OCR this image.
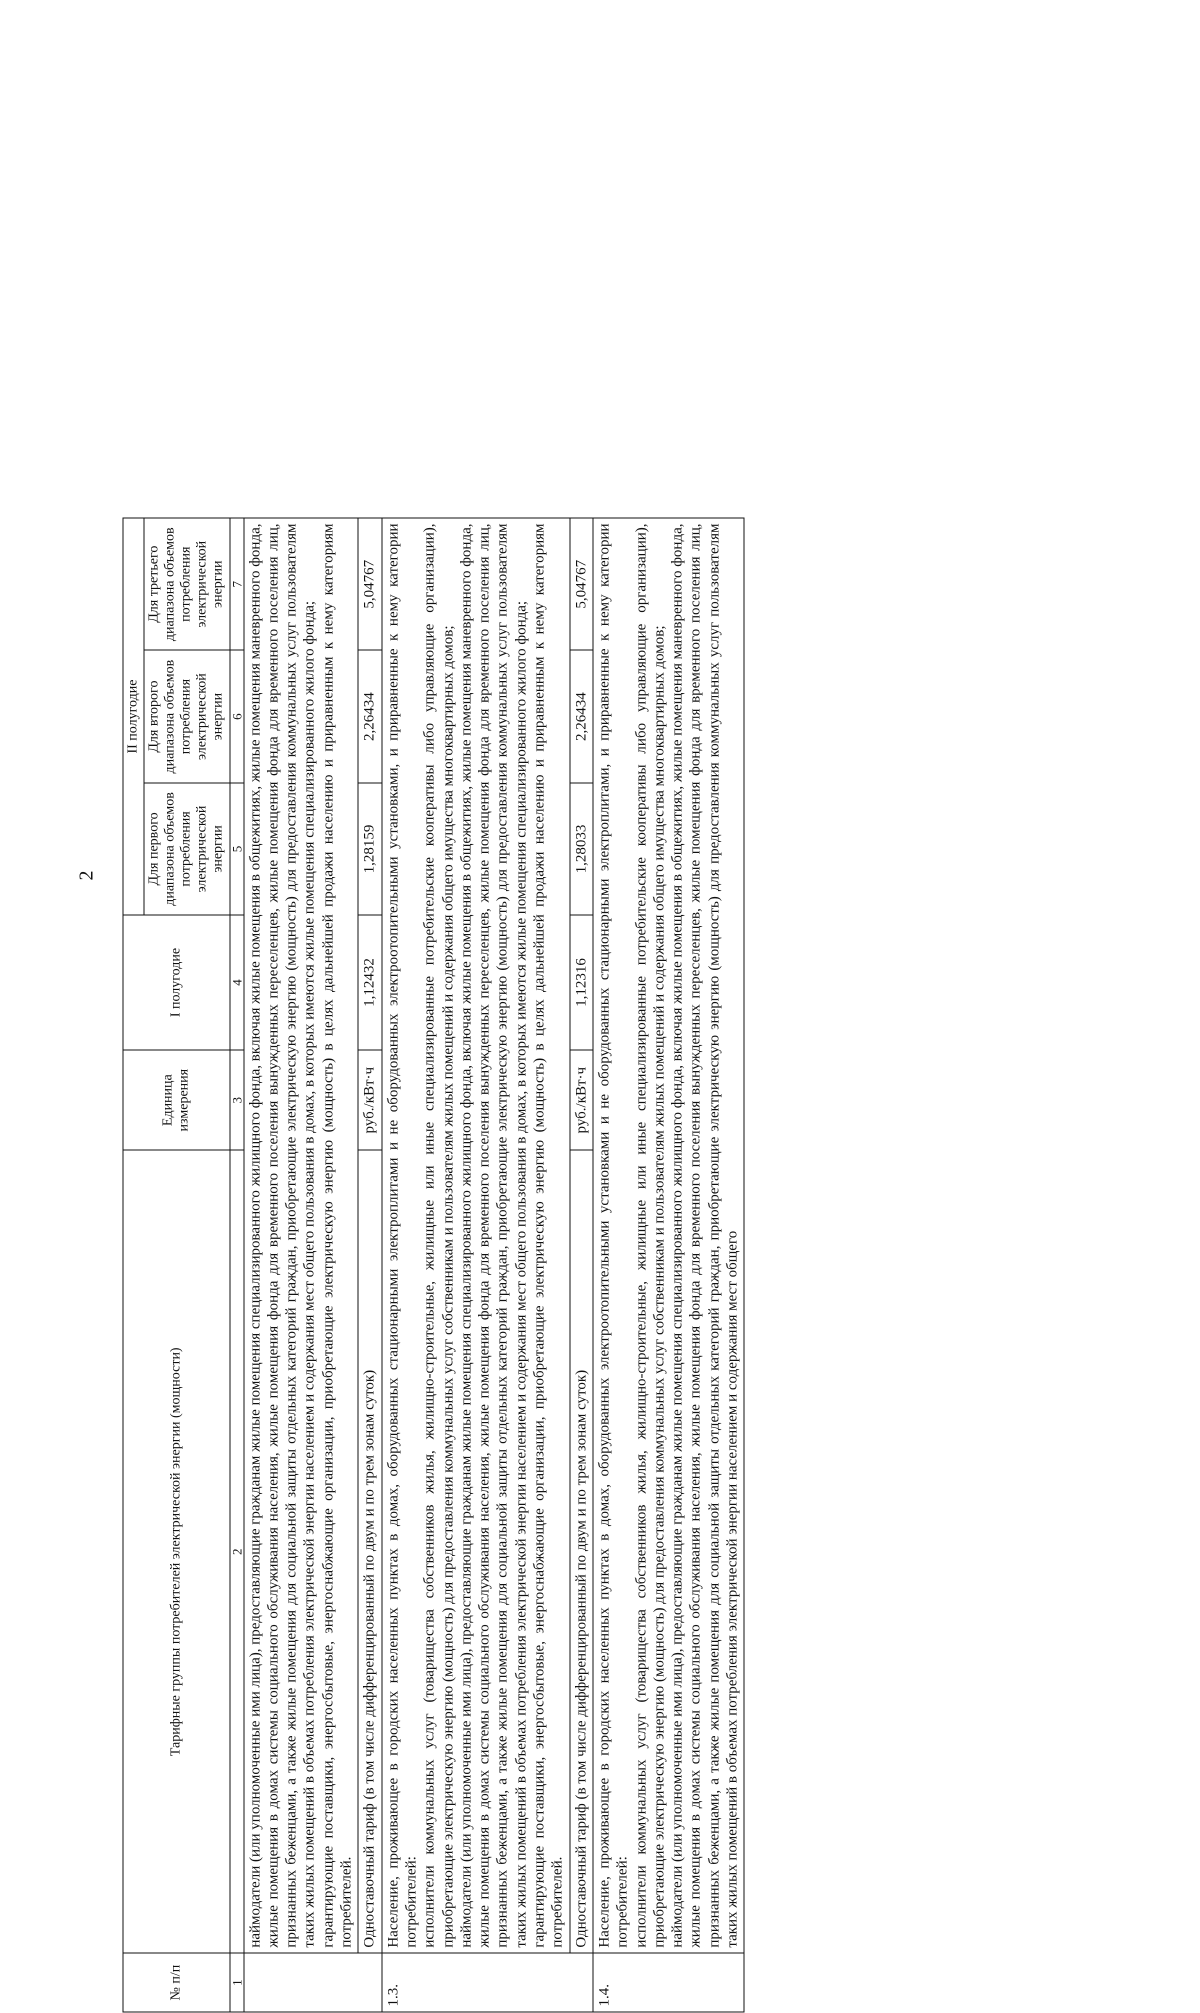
2
№ п/п	Тарифные группы потребителей электрической энергии (мощности)	Единица измерения	I полугодие	II полугодие		
				Для первого диапазона объемов потребления электрической энергии	Для второго диапазона объемов потребления электрической энергии	Для третьего диапазона объемов потребления электрической энергии
1	2	3	4	5	6	7
	наймодатели (или уполномоченные ими лица), предоставляющие гражданам жилые помещения специализированного жилищного фонда, включая жилые помещения в общежитиях, жилые помещения маневренного фонда, жилые помещения в домах системы социального обслуживания населения, жилые помещения фонда для временного поселения вынужденных переселенцев, жилые помещения фонда для временного поселения лиц, признанных беженцами, а также жилые помещения для социальной защиты отдельных категорий граждан, приобретающие электрическую энергию (мощность) для предоставления коммунальных услуг пользователям таких жилых помещений в объемах потребления электрической энергии населением и содержания мест общего пользования в домах, в которых имеются жилые помещения специализированного жилого фонда; гарантирующие поставщики, энергосбытовые, энергоснабжающие организации, приобретающие электрическую энергию (мощность) в целях дальнейшей продажи населению и приравненным к нему категориям потребителей.					
	Одноставочный тариф (в том числе дифференцированный по двум и по трем зонам суток)	руб./кВт·ч	1,12432	1,28159	2,26434	5,04767
1.3.	Население, проживающее в городских населенных пунктах в домах, оборудованных стационарными электроплитами и не оборудованных электроотопительными установками, и приравненные к нему категории потребителей: исполнители коммунальных услуг (товарищества собственников жилья, жилищно-строительные, жилищные или иные специализированные потребительские кооперативы либо управляющие организации), приобретающие электрическую энергию (мощность) для предоставления коммунальных услуг собственникам и пользователям жилых помещений и содержания общего имущества многоквартирных домов; наймодатели (или уполномоченные ими лица), предоставляющие гражданам жилые помещения специализированного жилищного фонда, включая жилые помещения в общежитиях, жилые помещения маневренного фонда, жилые помещения в домах системы социального обслуживания населения, жилые помещения фонда для временного поселения вынужденных переселенцев, жилые помещения фонда для временного поселения лиц, признанных беженцами, а также жилые помещения для социальной защиты отдельных категорий граждан, приобретающие электрическую энергию (мощность) для предоставления коммунальных услуг пользователям таких жилых помещений в объемах потребления электрической энергии населением и содержания мест общего пользования в домах, в которых имеются жилые помещения специализированного жилого фонда; гарантирующие поставщики, энергосбытовые, энергоснабжающие организации, приобретающие электрическую энергию (мощность) в целях дальнейшей продажи населению и приравненным к нему категориям потребителей.					
	Одноставочный тариф (в том числе дифференцированный по двум и по трем зонам суток)	руб./кВт·ч	1,12316	1,28033	2,26434	5,04767
1.4.	Население, проживающее в городских населенных пунктах в домах, оборудованных электроотопительными установками и не оборудованных стационарными электроплитами, и приравненные к нему категории потребителей: исполнители коммунальных услуг (товарищества собственников жилья, жилищно-строительные, жилищные или иные специализированные потребительские кооперативы либо управляющие организации), приобретающие электрическую энергию (мощность) для предоставления коммунальных услуг собственникам и пользователям жилых помещений и содержания общего имущества многоквартирных домов; наймодатели (или уполномоченные ими лица), предоставляющие гражданам жилые помещения специализированного жилищного фонда, включая жилые помещения в общежитиях, жилые помещения маневренного фонда, жилые помещения в домах системы социального обслуживания населения, жилые помещения фонда для временного поселения вынужденных переселенцев, жилые помещения фонда для временного поселения лиц, признанных беженцами, а также жилые помещения для социальной защиты отдельных категорий граждан, приобретающие электрическую энергию (мощность) для предоставления коммунальных услуг пользователям таких жилых помещений в объемах потребления электрической энергии населением и содержания мест общего					
